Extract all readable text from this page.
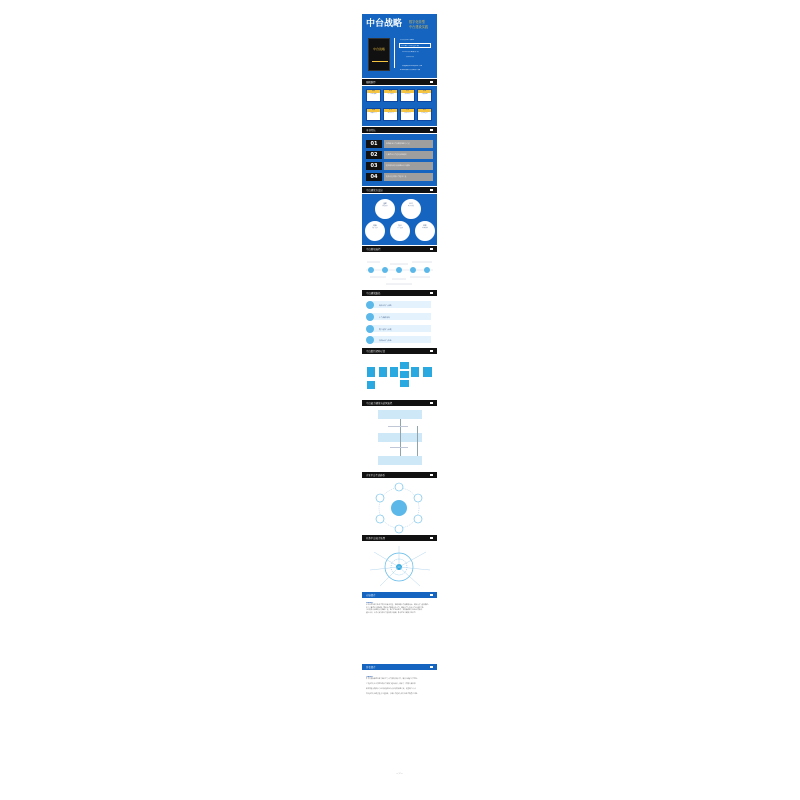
中台战略 数字化转型
中台建设实践
中台战略
中台架构方法论
企业数字化转型之路
业务中台·数据中台
技术中台
从战略规划到落地实施
系统讲解中台建设方法
编辑推荐
战略
企业战略
规划
中台规划
架构
架构设计
落地
实施落地
数据
数据中台
业务
业务中台
技术
技术中台
运营
持续运营
本书特色
01	系统阐述中台战略的理论与方法
02	大量企业中台建设实践案例
03	覆盖规划设计到落地运营全流程
04	提供可复用的中台建设工具
中台建设方法论
战略
顶层设计
业务
能力沉淀
数据
资产运营
技术
平台支撑
组织
机制保障
中台规划流程
中台建设路径
现状评估与诊断
中台战略规划
能力建设与落地
持续运营与优化
中台组织架构示意
中台能力建设与运营流程
企业中台生态体系
业务中台能力地图
内容简介
内容简介
本书从企业数字化转型的实际需求出发，系统讲解中台战略的内涵、规划方法与建设路径。
结合大量企业实践案例，帮助读者理解业务中台、数据中台与技术中台之间的关系。
书中提供可落地的方法论和工具，适合企业管理者、架构师和数字化从业者阅读。
通过本书，读者可以掌握中台建设的全流程，推动企业实现数字化转型。
作者简介
作者简介
作者长期从事企业数字化转型与中台架构咨询工作，服务过众多大型企业。

主导多个行业头部企业的中台规划与建设项目，积累了丰富的实战经验。

擅长将复杂的技术与业务问题转化为可执行的落地方案，深受客户认可。

曾在多个行业峰会发表主题演讲，分享中台建设与数字化转型的最佳实践。
— 完 —
